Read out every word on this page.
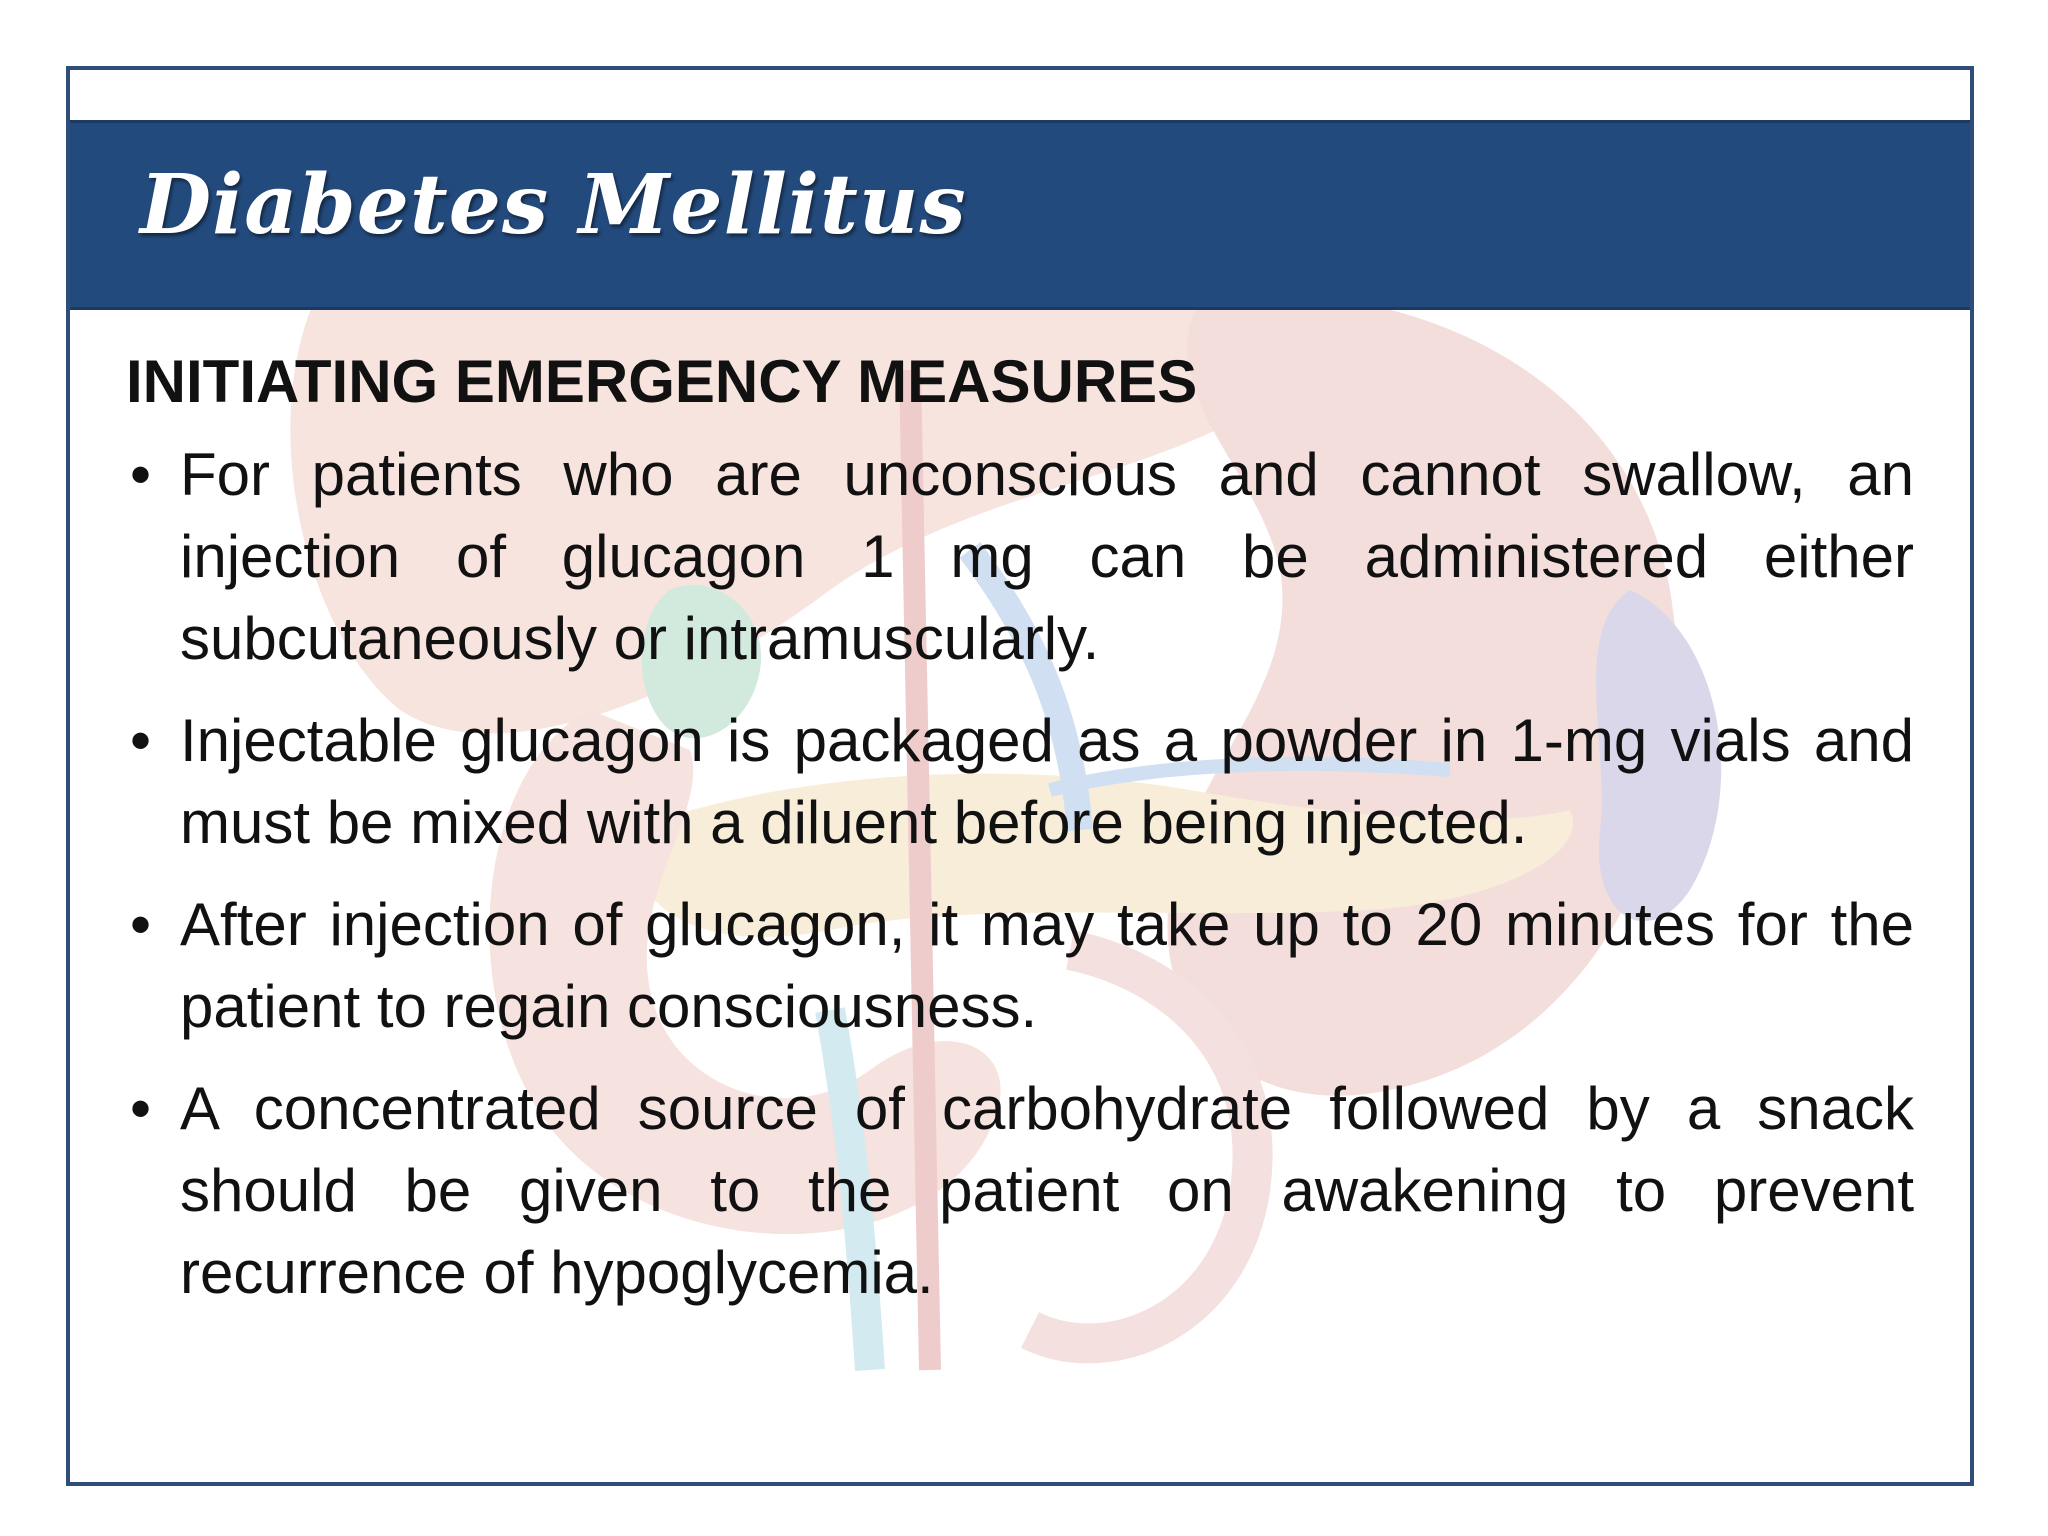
Diabetes Mellitus
INITIATING EMERGENCY MEASURES
• For patients who are unconscious and cannot swallow, an injection of glucagon 1 mg can be administered either subcutaneously or intramuscularly.
• Injectable glucagon is packaged as a powder in 1-mg vials and must be mixed with a diluent before being injected.
• After injection of glucagon, it may take up to 20 minutes for the patient to regain consciousness.
• A concentrated source of carbohydrate followed by a snack should be given to the patient on awakening to prevent recurrence of hypoglycemia.
